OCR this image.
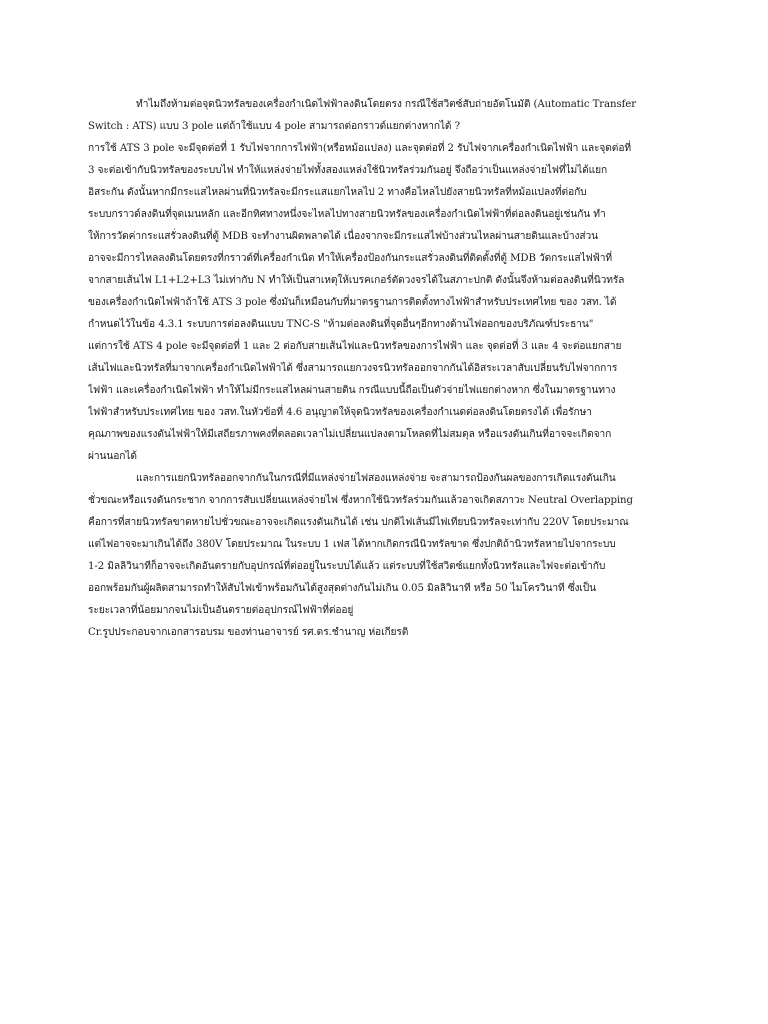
ทำไมถึงห้ามต่อจุดนิวทรัลของเครื่องกำเนิดไฟฟ้าลงดินโดยตรง กรณีใช้สวิตซ์สับถ่ายอัตโนมัติ (Automatic Transfer
Switch : ATS) แบบ 3 pole แต่ถ้าใช้แบบ 4 pole สามารถต่อกราวด์แยกต่างหากได้ ?
การใช้ ATS 3 pole จะมีจุดต่อที่ 1 รับไฟจากการไฟฟ้า(หรือหม้อแปลง) และจุดต่อที่ 2 รับไฟจากเครื่องกำเนิดไฟฟ้า และจุดต่อที่
3 จะต่อเข้ากับนิวทรัลของระบบไฟ ทำให้แหล่งจ่ายไฟทั้งสองแหล่งใช้นิวทรัลร่วมกันอยู่ จึงถือว่าเป็นแหล่งจ่ายไฟที่ไม่ได้แยก
อิสระกัน ดังนั้นหากมีกระแสไหลผ่านที่นิวทรัลจะมีกระแสแยกไหลไป 2 ทางคือไหลไปยังสายนิวทรัลที่หม้อแปลงที่ต่อกับ
ระบบกราวด์ลงดินที่จุดเมนหลัก และอีกทิศทางหนึ่งจะไหลไปทางสายนิวทรัลของเครื่องกำเนิดไฟฟ้าที่ต่อลงดินอยู่เช่นกัน ทำ
ให้การวัดค่ากระแสรั่วลงดินที่ตู้ MDB จะทำงานผิดพลาดได้ เนื่องจากจะมีกระแสไฟบ้างส่วนไหลผ่านสายดินและบ้างส่วน
อาจจะมีการไหลลงดินโดยตรงที่กราวด์ที่เครื่องกำเนิด ทำให้เครื่องป้องกันกระแสรั่วลงดินที่ติดตั้งที่ตู้ MDB วัดกระแสไฟฟ้าที่
จากสายเส้นไฟ L1+L2+L3 ไม่เท่ากับ N ทำให้เป็นสาเหตุให้เบรคเกอร์ตัดวงจรได้ในสภาะปกติ ดังนั้นจึงห้ามต่อลงดินที่นิวทรัล
ของเครื่องกำเนิดไฟฟ้าถ้าใช้ ATS 3 pole ซึ่งมันก็เหมือนกับที่มาตรฐานการติดตั้งทางไฟฟ้าสำหรับประเทศไทย ของ วสท. ได้
กำหนดไว้ในข้อ 4.3.1 ระบบการต่อลงดินแบบ TNC-S "ห้ามต่อลงดินที่จุดอื่นๆอีกทางด้านไฟออกของบริภัณฑ์ประธาน"
แต่การใช้ ATS 4 pole จะมีจุดต่อที่ 1 และ 2 ต่อกับสายเส้นไฟและนิวทรัลของการไฟฟ้า และ จุดต่อที่ 3 และ 4 จะต่อแยกสาย
เส้นไฟและนิวทรัลที่มาจากเครื่องกำเนิดไฟฟ้าได้ ซึ่งสามารถแยกวงจรนิวทรัลออกจากกันได้อิสระเวลาสับเปลี่ยนรับไฟจากการ
ไฟฟ้า และเครื่องกำเนิดไฟฟ้า ทำให้ไม่มีกระแสไหลผ่านสายดิน กรณีแบบนี้ถือเป็นตัวจ่ายไฟแยกต่างหาก ซึ่งในมาตรฐานทาง
ไฟฟ้าสำหรับประเทศไทย ของ วสท.ในหัวข้อที่ 4.6 อนุญาตให้จุดนิวทรัลของเครื่องกำเนดต่อลงดินโดยตรงได้ เพื่อรักษา
คุณภาพของแรงดันไฟฟ้าให้มีเสถียรภาพคงที่ตลอดเวลาไม่เปลี่ยนแปลงตามโหลดที่ไม่สมดุล หรือแรงดันเกินที่อาจจะเกิดจาก
ผ่านนอกได้
และการแยกนิวทรัลออกจากกันในกรณีที่มีแหล่งจ่ายไฟสองแหล่งจ่าย จะสามารถป้องกันผลของการเกิดแรงดันเกิน
ชั่วขณะหรือแรงดันกระชาก จากการสับเปลี่ยนแหล่งจ่ายไฟ ซึ่งหากใช้นิวทรัลร่วมกันแล้วอาจเกิดสภาวะ Neutral Overlapping
คือการที่สายนิวทรัลขาดหายไปชั่วขณะอาจจะเกิดแรงดันเกินได้ เช่น ปกติไฟเส้นมีไฟเทียบนิวทรัลจะเท่ากับ 220V โดยประมาณ
แต่ไฟอาจจะมาเกินได้ถึง 380V โดยประมาณ ในระบบ 1 เฟส ได้หากเกิดกรณีนิวทรัลขาด ซึ่งปกติถ้านิวทรัลหายไปจากระบบ
1-2 มิลลิวินาทีก็อาจจะเกิดอันตรายกับอุปกรณ์ที่ต่ออยู่ในระบบได้แล้ว แต่ระบบที่ใช้สวิตซ์แยกทั้งนิวทรัลและไฟจะต่อเข้ากับ
ออกพร้อมกันผู้ผลิตสามารถทำให้สับไฟเข้าพร้อมกันได้สูงสุดต่างกันไม่เกิน 0.05 มิลลิวินาที หรือ 50 ไมโครวินาที ซึ่งเป็น
ระยะเวลาที่น้อยมากจนไม่เป็นอันตรายต่ออุปกรณ์ไฟฟ้าที่ต่ออยู่
Cr.รูปประกอบจากเอกสารอบรม ของท่านอาจารย์ รศ.ดร.ชำนาญ ห่อเกียรติ
